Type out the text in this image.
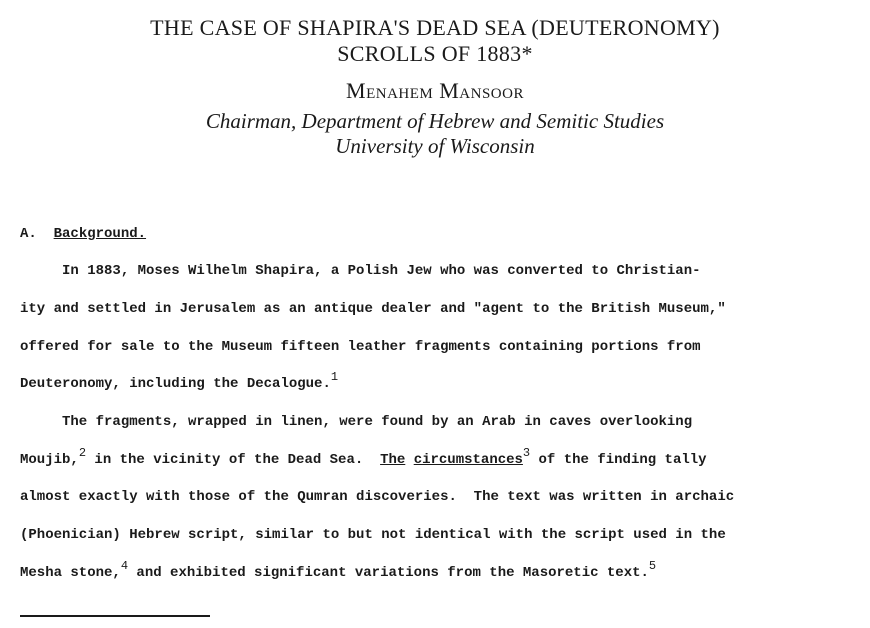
THE CASE OF SHAPIRA'S DEAD SEA (DEUTERONOMY)
SCROLLS OF 1883*
Menahem Mansoor
Chairman, Department of Hebrew and Semitic Studies
University of Wisconsin
A. Background.
In 1883, Moses Wilhelm Shapira, a Polish Jew who was converted to Christian-
ity and settled in Jerusalem as an antique dealer and "agent to the British Museum,"
offered for sale to the Museum fifteen leather fragments containing portions from
Deuteronomy, including the Decalogue.$^1$
The fragments, wrapped in linen, were found by an Arab in caves overlooking
Moujib,$^2$ in the vicinity of the Dead Sea.  The circumstances$^3$ of the finding tally
almost exactly with those of the Qumran discoveries.  The text was written in archaic
(Phoenician) Hebrew script, similar to but not identical with the script used in the
Mesha stone,$^4$ and exhibited significant variations from the Masoretic text.$^5$
